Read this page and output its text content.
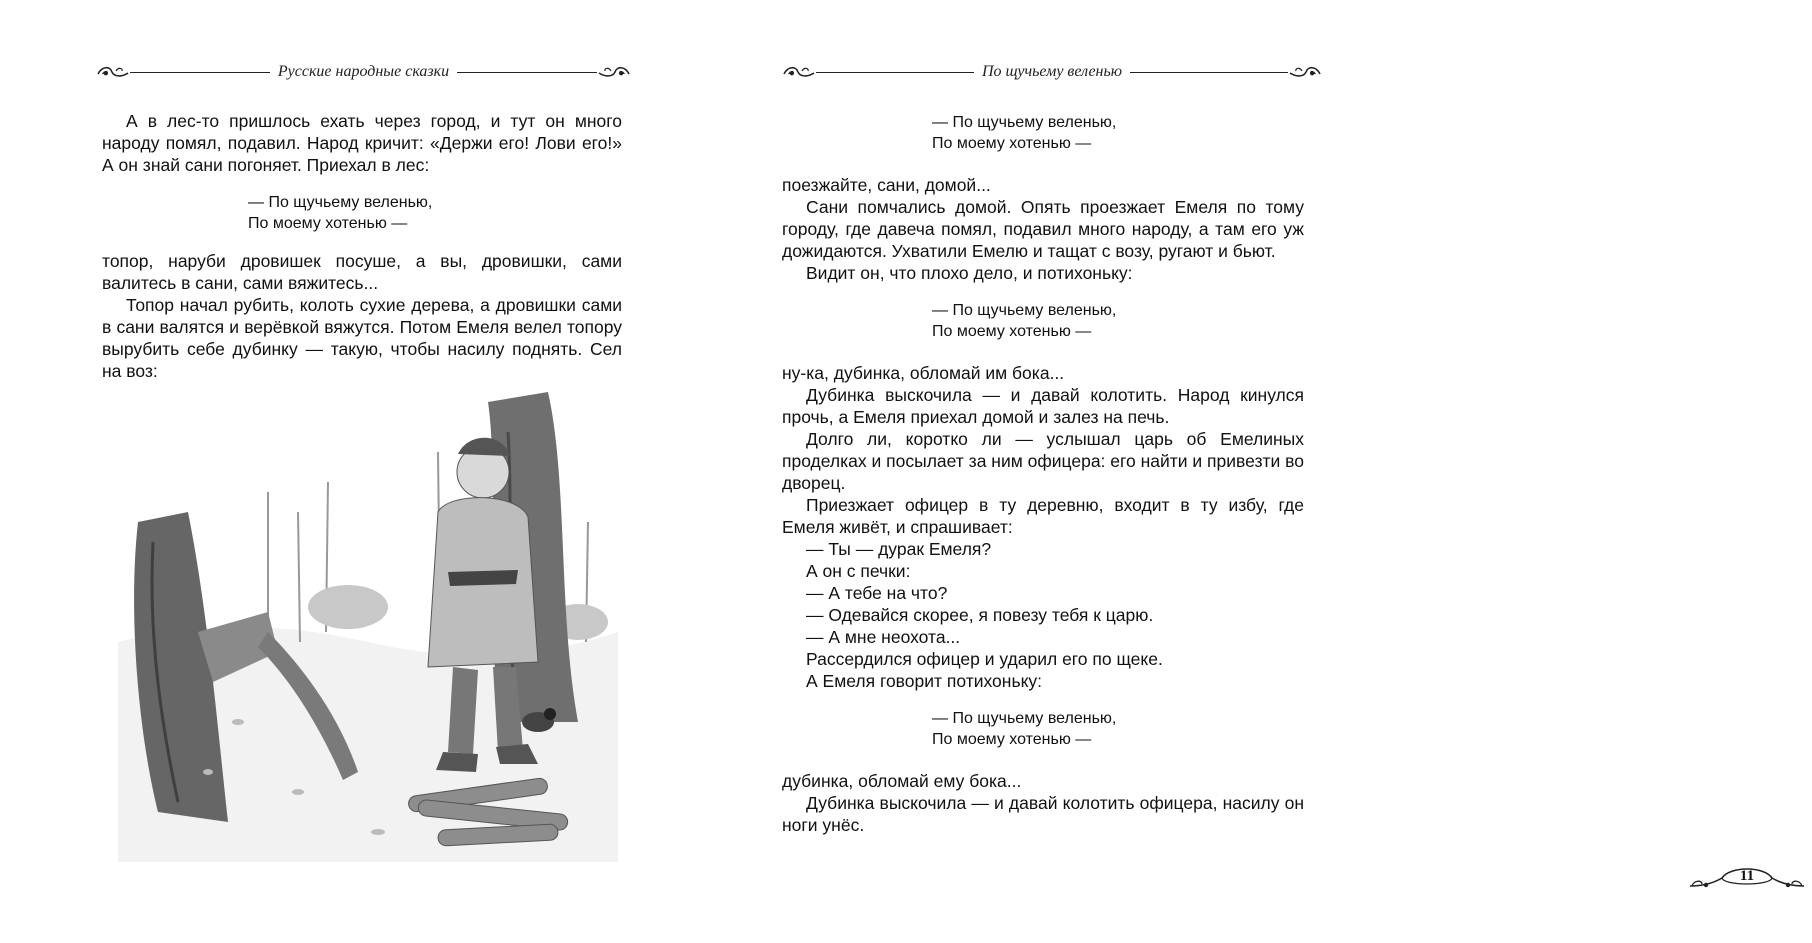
Русские народные сказки

А в лес-то пришлось ехать через город, и тут он много народу помял, подавил. Народ кричит: «Держи его! Лови его!» А он знай сани погоняет. Приехал в лес:

— По щучьему веленью,
По моему хотенью —

топор, наруби дровишек посуше, а вы, дровишки, сами валитесь в сани, сами вяжитесь...

Топор начал рубить, колоть сухие дерева, а дровишки сами в сани валятся и верёвкой вяжутся. Потом Емеля велел топору вырубить себе дубинку — такую, чтобы насилу поднять. Сел на воз:

По щучьему веленью
— По щучьему веленью,
По моему хотенью —

поезжайте, сани, домой...

Сани помчались домой. Опять проезжает Емеля по тому городу, где давеча помял, подавил много народу, а там его уж дожидаются. Ухватили Емелю и тащат с возу, ругают и бьют.

Видит он, что плохо дело, и потихоньку:

— По щучьему веленью,
По моему хотенью —

ну-ка, дубинка, обломай им бока...

Дубинка выскочила — и давай колотить. Народ кинулся прочь, а Емеля приехал домой и залез на печь.

Долго ли, коротко ли — услышал царь об Емелиных проделках и посылает за ним офицера: его найти и привезти во дворец.

Приезжает офицер в ту деревню, входит в ту избу, где Емеля живёт, и спрашивает:

— Ты — дурак Емеля?

А он с печки:

— А тебе на что?

— Одевайся скорее, я повезу тебя к царю.

— А мне неохота...

Рассердился офицер и ударил его по щеке.

А Емеля говорит потихоньку:

— По щучьему веленью,
По моему хотенью —

дубинка, обломай ему бока...

Дубинка выскочила — и давай колотить офицера, насилу он ноги унёс.

11
